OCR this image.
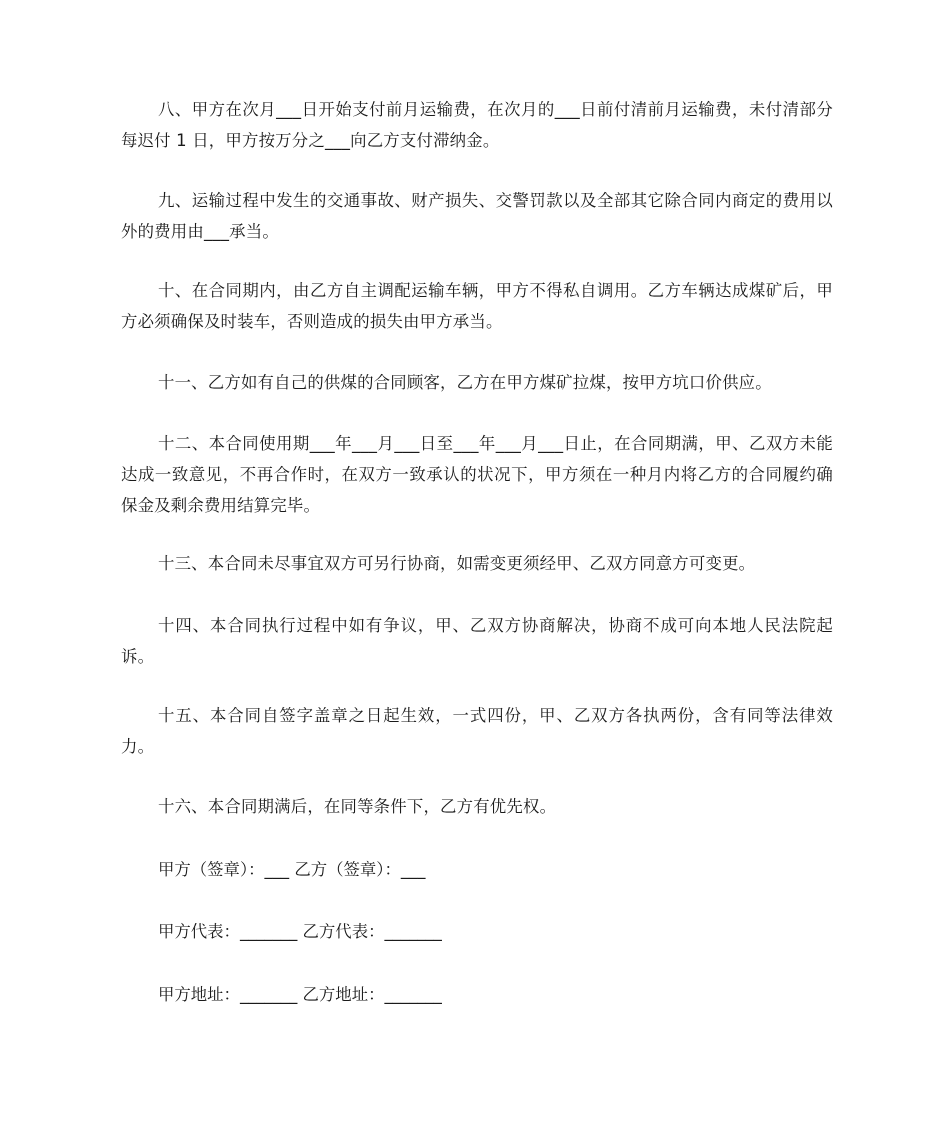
八、甲方在次月___日开始支付前月运输费，在次月的___日前付清前月运输费，未付清部分每迟付 1 日，甲方按万分之___向乙方支付滞纳金。

九、运输过程中发生的交通事故、财产损失、交警罚款以及全部其它除合同内商定的费用以外的费用由___承当。

十、在合同期内，由乙方自主调配运输车辆，甲方不得私自调用。乙方车辆达成煤矿后，甲方必须确保及时装车，否则造成的损失由甲方承当。

十一、乙方如有自己的供煤的合同顾客，乙方在甲方煤矿拉煤，按甲方坑口价供应。

十二、本合同使用期___年___月___日至___年___月___日止，在合同期满，甲、乙双方未能达成一致意见，不再合作时，在双方一致承认的状况下，甲方须在一种月内将乙方的合同履约确保金及剩余费用结算完毕。

十三、本合同未尽事宜双方可另行协商，如需变更须经甲、乙双方同意方可变更。

十四、本合同执行过程中如有争议，甲、乙双方协商解决，协商不成可向本地人民法院起诉。

十五、本合同自签字盖章之日起生效，一式四份，甲、乙双方各执两份，含有同等法律效力。

十六、本合同期满后，在同等条件下，乙方有优先权。

甲方（签章）：___ 乙方（签章）：___

甲方代表：_______ 乙方代表：_______

甲方地址：_______ 乙方地址：_______
